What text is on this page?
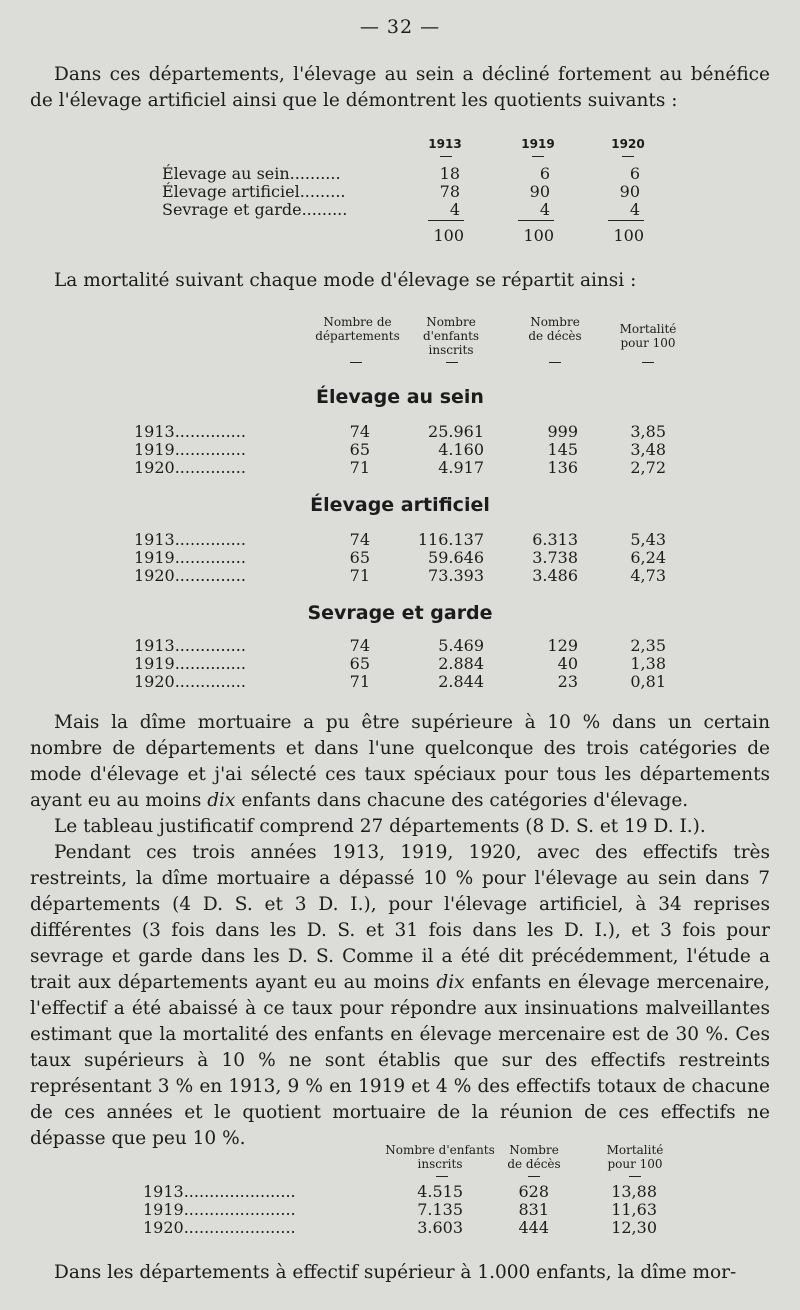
— 32 —
Dans ces départements, l'élevage au sein a décliné fortement au bénéfice de l'élevage artificiel ainsi que le démontrent les quotients suivants :
1913	1919	1920
Élevage au sein..........	18	6	6
Élevage artificiel.........	78	90	90
Sevrage et garde.........	4	4	4
100	100	100
La mortalité suivant chaque mode d'élevage se répartit ainsi :
Nombre de départements
Nombre d'enfants inscrits
Nombre de décès	Mortalité pour 100
Élevage au sein
1913..............	74	25.961	999	3,85
1919..............	65	4.160	145	3,48
1920..............	71	4.917	136	2,72
Élevage artificiel
1913..............	74	116.137	6.313	5,43
1919..............	65	59.646	3.738	6,24
1920..............	71	73.393	3.486	4,73
Sevrage et garde
1913..............	74	5.469	129	2,35
1919..............	65	2.884	40	1,38
1920..............	71	2.844	23	0,81
Mais la dîme mortuaire a pu être supérieure à 10 % dans un certain nombre de départements et dans l'une quelconque des trois catégories de mode d'élevage et j'ai sélecté ces taux spéciaux pour tous les départements ayant eu au moins dix enfants dans chacune des catégories d'élevage.
Le tableau justificatif comprend 27 départements (8 D. S. et 19 D. I.).
Pendant ces trois années 1913, 1919, 1920, avec des effectifs très restreints, la dîme mortuaire a dépassé 10 % pour l'élevage au sein dans 7 départements (4 D. S. et 3 D. I.), pour l'élevage artificiel, à 34 reprises différentes (3 fois dans les D. S. et 31 fois dans les D. I.), et 3 fois pour sevrage et garde dans les D. S. Comme il a été dit précédemment, l'étude a trait aux départements ayant eu au moins dix enfants en élevage mercenaire, l'effectif a été abaissé à ce taux pour répondre aux insinuations malveillantes estimant que la mortalité des enfants en élevage mercenaire est de 30 %. Ces taux supérieurs à 10 % ne sont établis que sur des effectifs restreints représentant 3 % en 1913, 9 % en 1919 et 4 % des effectifs totaux de chacune de ces années et le quotient mortuaire de la réunion de ces effectifs ne dépasse que peu 10 %.
Nombre d'enfants inscrits
Nombre de décès
Mortalité pour 100
1913......................	4.515	628	13,88
1919......................	7.135	831	11,63
1920......................	3.603	444	12,30
Dans les départements à effectif supérieur à 1.000 enfants, la dîme mor-
